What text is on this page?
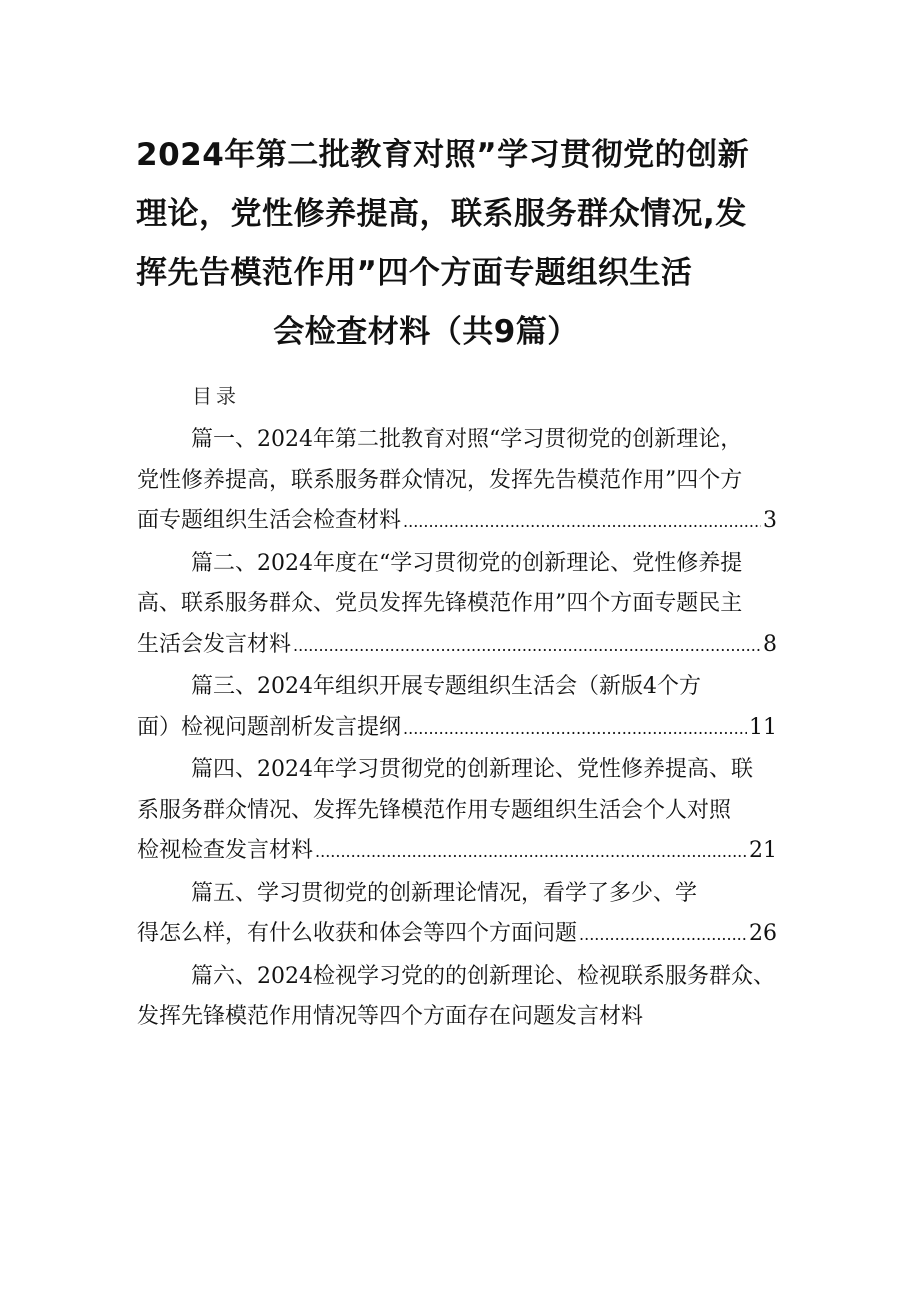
2024年第二批教育对照”学习贯彻党的创新
理论，党性修养提高，联系服务群众情况,发
挥先告模范作用”四个方面专题组织生活
会检查材料（共9篇）
目录
篇一、2024年第二批教育对照“学习贯彻党的创新理论，
党性修养提高，联系服务群众情况，发挥先告模范作用”四个方
面专题组织生活会检查材料 .....	3
篇二、2024年度在“学习贯彻党的创新理论、党性修养提
高、联系服务群众、党员发挥先锋模范作用”四个方面专题民主
生活会发言材料 .....	8
篇三、2024年组织开展专题组织生活会（新版4个方
面）检视问题剖析发言提纲 .....	11
篇四、2024年学习贯彻党的创新理论、党性修养提高、联
系服务群众情况、发挥先锋模范作用专题组织生活会个人对照
检视检查发言材料 .....	21
篇五、学习贯彻党的创新理论情况，看学了多少、学
得怎么样，有什么收获和体会等四个方面问题 .....	26
篇六、2024检视学习党的的创新理论、检视联系服务群众、
发挥先锋模范作用情况等四个方面存在问题发言材料
